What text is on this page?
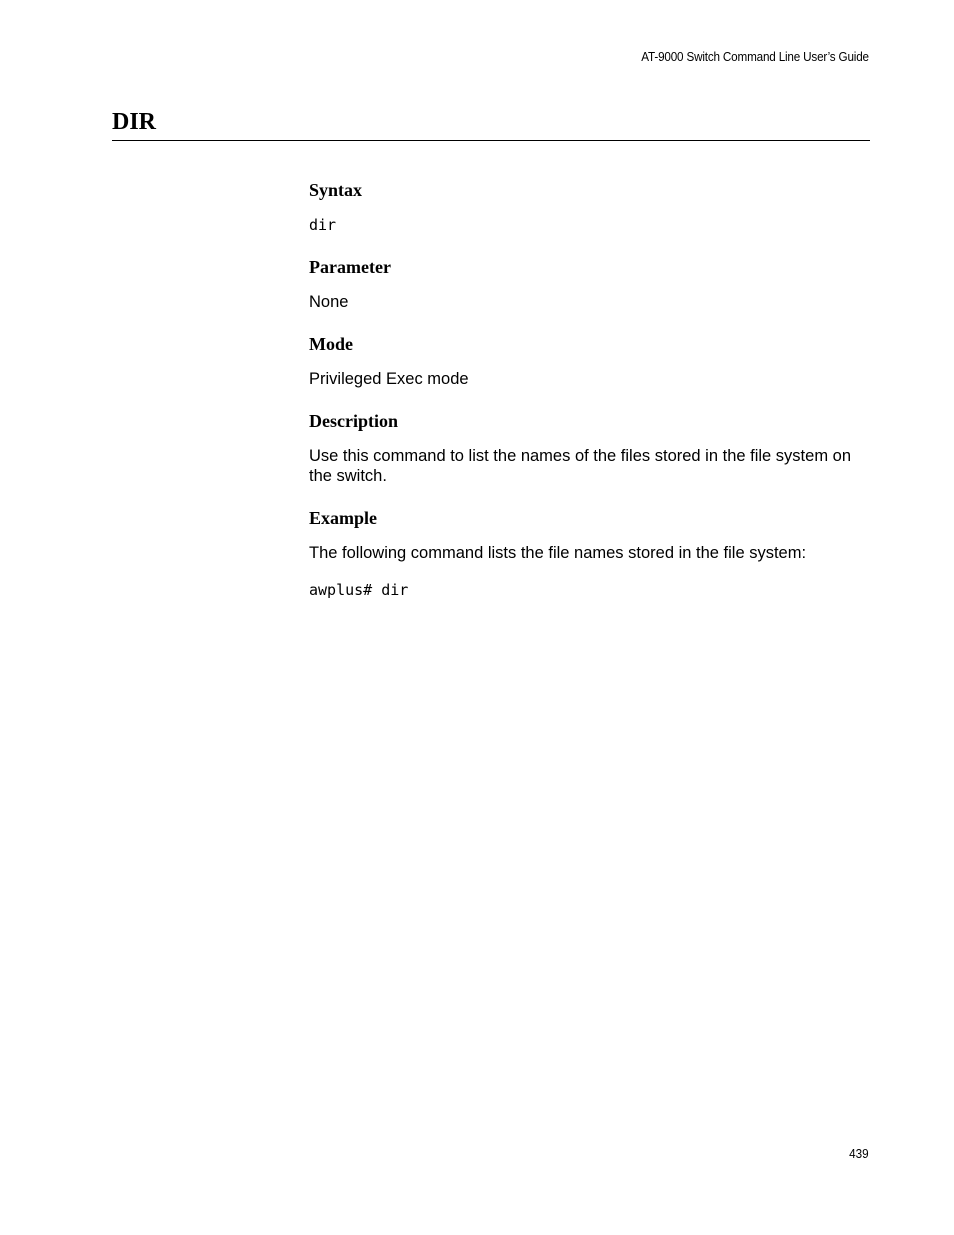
AT-9000 Switch Command Line User’s Guide
DIR
Syntax

dir

Parameter

None

Mode

Privileged Exec mode

Description

Use this command to list the names of the files stored in the file system on the switch.

Example

The following command lists the file names stored in the file system:

awplus# dir

439
